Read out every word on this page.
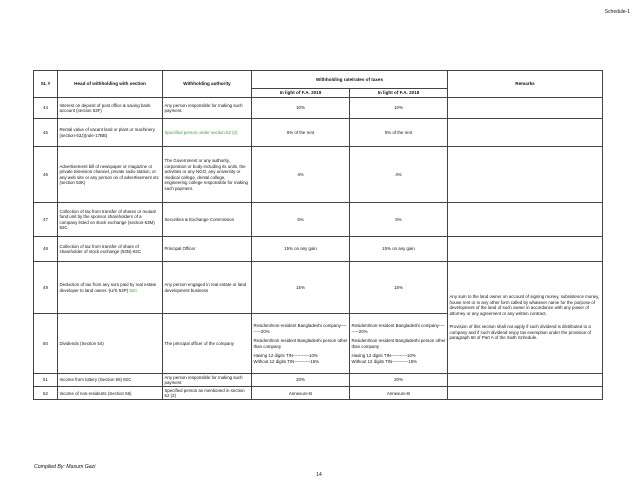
Schedule-1
SL #	Head of withholding with section	Withholding authority	Withholding rate/rates of taxes		Remarks
			In light of F.A. 2019	In light of F.A. 2018	
44	Interest on deposit of post office & saving bank account (section 53F)	Any person responsible for making such payment.	10%	10%	
45	Rental value of vacant land or plant or machinery (section-53J)(rule-17BB)	Specified person under section 52 (2)	5% of the rent	5% of the rent	
46	Advertisement bill of newspaper or magazine or private television channel, private radio station, or any web site or any person on of advertisement etc (section 53K)	The Government or any authority, corporation or body including its units, the activities or any NGO, any university or medical college, dental college, engineering college responsible for making such payment.	4%	4%	
47	Collection of tax from transfer of shares or mutual fund unit by the sponsor shareholders of a company listed on stock exchange (section-53M) 82C.	Securities & Exchange Commission	5%	5%	
48	Collection of tax from transfer of share of shareholder of stock exchange (53N)-82C	Principal Officer	15% on any gain	15% on any gain	
49	Deduction of tax from any sum paid by real estate developer to land owner.-(U/S 53P) 82C	Any person engaged in real estate or land development business	15%	15%	Any sum to the land owner on account of signing money, subsistence money, house rent or in any other form called by whatever name for the purpose of development of the land of such owner in accordance with any power of attorney or any agreement or any written contract,
Provision of this section shall not apply if such dividend is distributed to a company and if such dividend enjoy tax exemption under the provision of paragraph 60 of Part A of the Sixth Schedule.

50	Dividends (Section 54)	The principal officer of the company	Resident/non-resident Bangladeshi company---------20%
Resident/non resident Bangladeshi person other than company
Having 12 digits TIN-----------10%
Without 12 digits TIN-----------15%	Resident/non-resident Bangladeshi company---------20%
Resident/non resident Bangladeshi person other than company
Having 12 digits TIN-----------10%
Without 12 digits TIN-----------15%	

51	Income from lottery (Section 55) 82C	Any person responsible for making such payment	20%	20%	
52	Income of non-residents (Section 56)	Specified person as mentioned in section 52 (2)	Annexure-B	Annexure-B	
Compiled By: Masum Gazi
14
